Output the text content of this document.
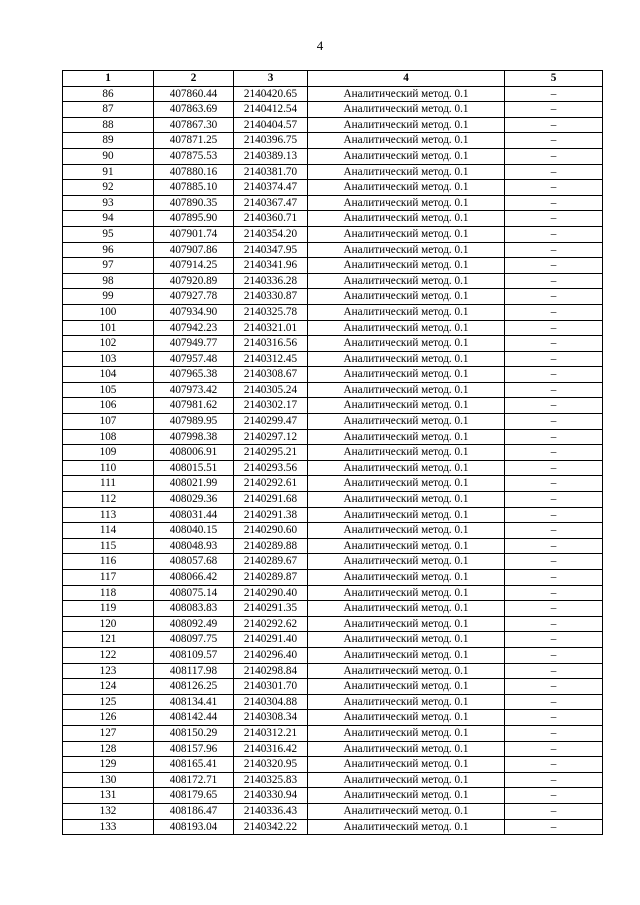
4
1	2	3	4	5
86	407860.44	2140420.65	Аналитический метод. 0.1	–
87	407863.69	2140412.54	Аналитический метод. 0.1	–
88	407867.30	2140404.57	Аналитический метод. 0.1	–
89	407871.25	2140396.75	Аналитический метод. 0.1	–
90	407875.53	2140389.13	Аналитический метод. 0.1	–
91	407880.16	2140381.70	Аналитический метод. 0.1	–
92	407885.10	2140374.47	Аналитический метод. 0.1	–
93	407890.35	2140367.47	Аналитический метод. 0.1	–
94	407895.90	2140360.71	Аналитический метод. 0.1	–
95	407901.74	2140354.20	Аналитический метод. 0.1	–
96	407907.86	2140347.95	Аналитический метод. 0.1	–
97	407914.25	2140341.96	Аналитический метод. 0.1	–
98	407920.89	2140336.28	Аналитический метод. 0.1	–
99	407927.78	2140330.87	Аналитический метод. 0.1	–
100	407934.90	2140325.78	Аналитический метод. 0.1	–
101	407942.23	2140321.01	Аналитический метод. 0.1	–
102	407949.77	2140316.56	Аналитический метод. 0.1	–
103	407957.48	2140312.45	Аналитический метод. 0.1	–
104	407965.38	2140308.67	Аналитический метод. 0.1	–
105	407973.42	2140305.24	Аналитический метод. 0.1	–
106	407981.62	2140302.17	Аналитический метод. 0.1	–
107	407989.95	2140299.47	Аналитический метод. 0.1	–
108	407998.38	2140297.12	Аналитический метод. 0.1	–
109	408006.91	2140295.21	Аналитический метод. 0.1	–
110	408015.51	2140293.56	Аналитический метод. 0.1	–
111	408021.99	2140292.61	Аналитический метод. 0.1	–
112	408029.36	2140291.68	Аналитический метод. 0.1	–
113	408031.44	2140291.38	Аналитический метод. 0.1	–
114	408040.15	2140290.60	Аналитический метод. 0.1	–
115	408048.93	2140289.88	Аналитический метод. 0.1	–
116	408057.68	2140289.67	Аналитический метод. 0.1	–
117	408066.42	2140289.87	Аналитический метод. 0.1	–
118	408075.14	2140290.40	Аналитический метод. 0.1	–
119	408083.83	2140291.35	Аналитический метод. 0.1	–
120	408092.49	2140292.62	Аналитический метод. 0.1	–
121	408097.75	2140291.40	Аналитический метод. 0.1	–
122	408109.57	2140296.40	Аналитический метод. 0.1	–
123	408117.98	2140298.84	Аналитический метод. 0.1	–
124	408126.25	2140301.70	Аналитический метод. 0.1	–
125	408134.41	2140304.88	Аналитический метод. 0.1	–
126	408142.44	2140308.34	Аналитический метод. 0.1	–
127	408150.29	2140312.21	Аналитический метод. 0.1	–
128	408157.96	2140316.42	Аналитический метод. 0.1	–
129	408165.41	2140320.95	Аналитический метод. 0.1	–
130	408172.71	2140325.83	Аналитический метод. 0.1	–
131	408179.65	2140330.94	Аналитический метод. 0.1	–
132	408186.47	2140336.43	Аналитический метод. 0.1	–
133	408193.04	2140342.22	Аналитический метод. 0.1	–
